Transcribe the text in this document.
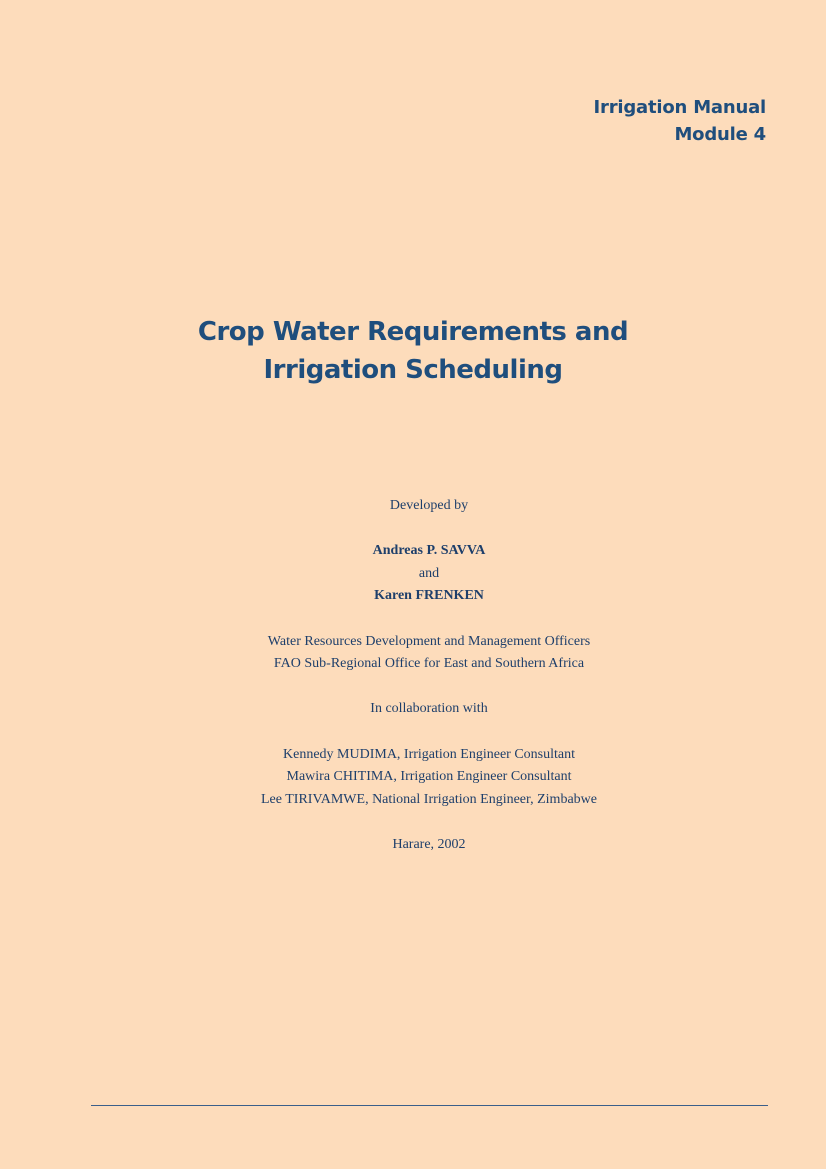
Irrigation Manual
Module 4
Crop Water Requirements and
Irrigation Scheduling
Developed by
Andreas P. SAVVA
and
Karen FRENKEN
Water Resources Development and Management Officers
FAO Sub-Regional Office for East and Southern Africa
In collaboration with
Kennedy MUDIMA, Irrigation Engineer Consultant
Mawira CHITIMA, Irrigation Engineer Consultant
Lee TIRIVAMWE, National Irrigation Engineer, Zimbabwe
Harare, 2002
